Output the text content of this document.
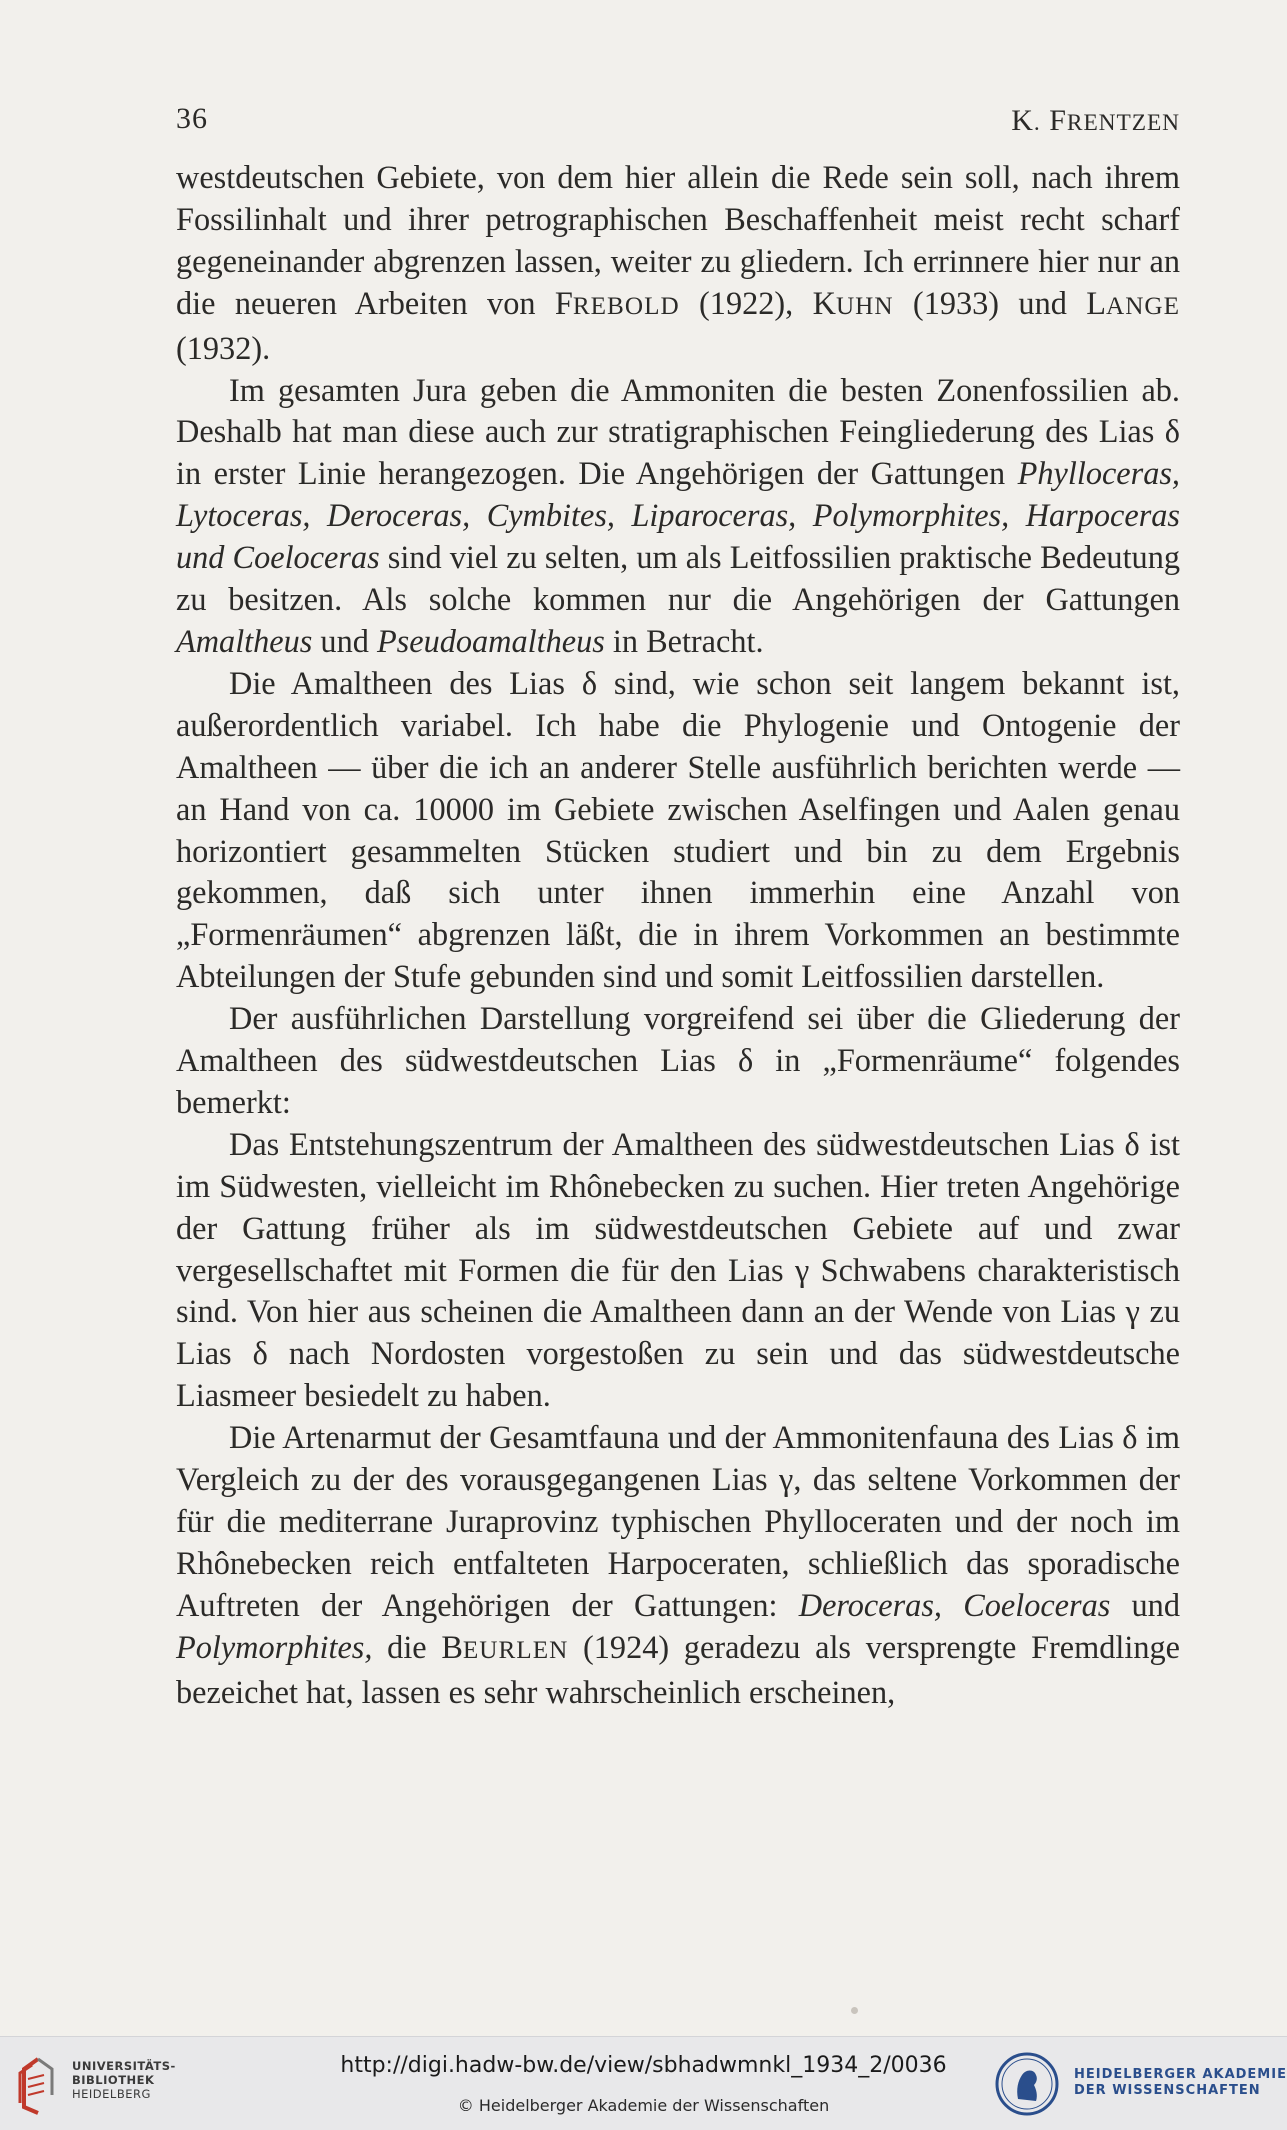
36	K. FRENTZEN

westdeutschen Gebiete, von dem hier allein die Rede sein soll, nach ihrem Fossilinhalt und ihrer petrographischen Beschaffenheit meist recht scharf gegeneinander abgrenzen lassen, weiter zu gliedern. Ich errinnere hier nur an die neueren Arbeiten von FREBOLD (1922), KUHN (1933) und LANGE (1932).

Im gesamten Jura geben die Ammoniten die besten Zonenfossilien ab. Deshalb hat man diese auch zur stratigraphischen Feingliederung des Lias δ in erster Linie herangezogen. Die Angehörigen der Gattungen Phylloceras, Lytoceras, Deroceras, Cymbites, Liparoceras, Polymorphites, Harpoceras und Coeloceras sind viel zu selten, um als Leitfossilien praktische Bedeutung zu besitzen. Als solche kommen nur die Angehörigen der Gattungen Amaltheus und Pseudoamaltheus in Betracht.

Die Amaltheen des Lias δ sind, wie schon seit langem bekannt ist, außerordentlich variabel. Ich habe die Phylogenie und Ontogenie der Amaltheen — über die ich an anderer Stelle ausführlich berichten werde — an Hand von ca. 10000 im Gebiete zwischen Aselfingen und Aalen genau horizontiert gesammelten Stücken studiert und bin zu dem Ergebnis gekommen, daß sich unter ihnen immerhin eine Anzahl von „Formenräumen“ abgrenzen läßt, die in ihrem Vorkommen an bestimmte Abteilungen der Stufe gebunden sind und somit Leitfossilien darstellen.

Der ausführlichen Darstellung vorgreifend sei über die Gliederung der Amaltheen des südwestdeutschen Lias δ in „Formenräume“ folgendes bemerkt:

Das Entstehungszentrum der Amaltheen des südwestdeutschen Lias δ ist im Südwesten, vielleicht im Rhônebecken zu suchen. Hier treten Angehörige der Gattung früher als im südwestdeutschen Gebiete auf und zwar vergesellschaftet mit Formen die für den Lias γ Schwabens charakteristisch sind. Von hier aus scheinen die Amaltheen dann an der Wende von Lias γ zu Lias δ nach Nordosten vorgestoßen zu sein und das südwestdeutsche Liasmeer besiedelt zu haben.

Die Artenarmut der Gesamtfauna und der Ammonitenfauna des Lias δ im Vergleich zu der des vorausgegangenen Lias γ, das seltene Vorkommen der für die mediterrane Juraprovinz typhischen Phylloceraten und der noch im Rhônebecken reich entfalteten Harpoceraten, schließlich das sporadische Auftreten der Angehörigen der Gattungen: Deroceras, Coeloceras und Polymorphites, die BEURLEN (1924) geradezu als versprengte Fremdlinge bezeichet hat, lassen es sehr wahrscheinlich erscheinen,

UNIVERSITÄTS-
BIBLIOTHEK
HEIDELBERG
http://digi.hadw-bw.de/view/sbhadwmnkl_1934_2/0036
© Heidelberger Akademie der Wissenschaften
HEIDELBERGER AKADEMIE
DER WISSENSCHAFTEN
